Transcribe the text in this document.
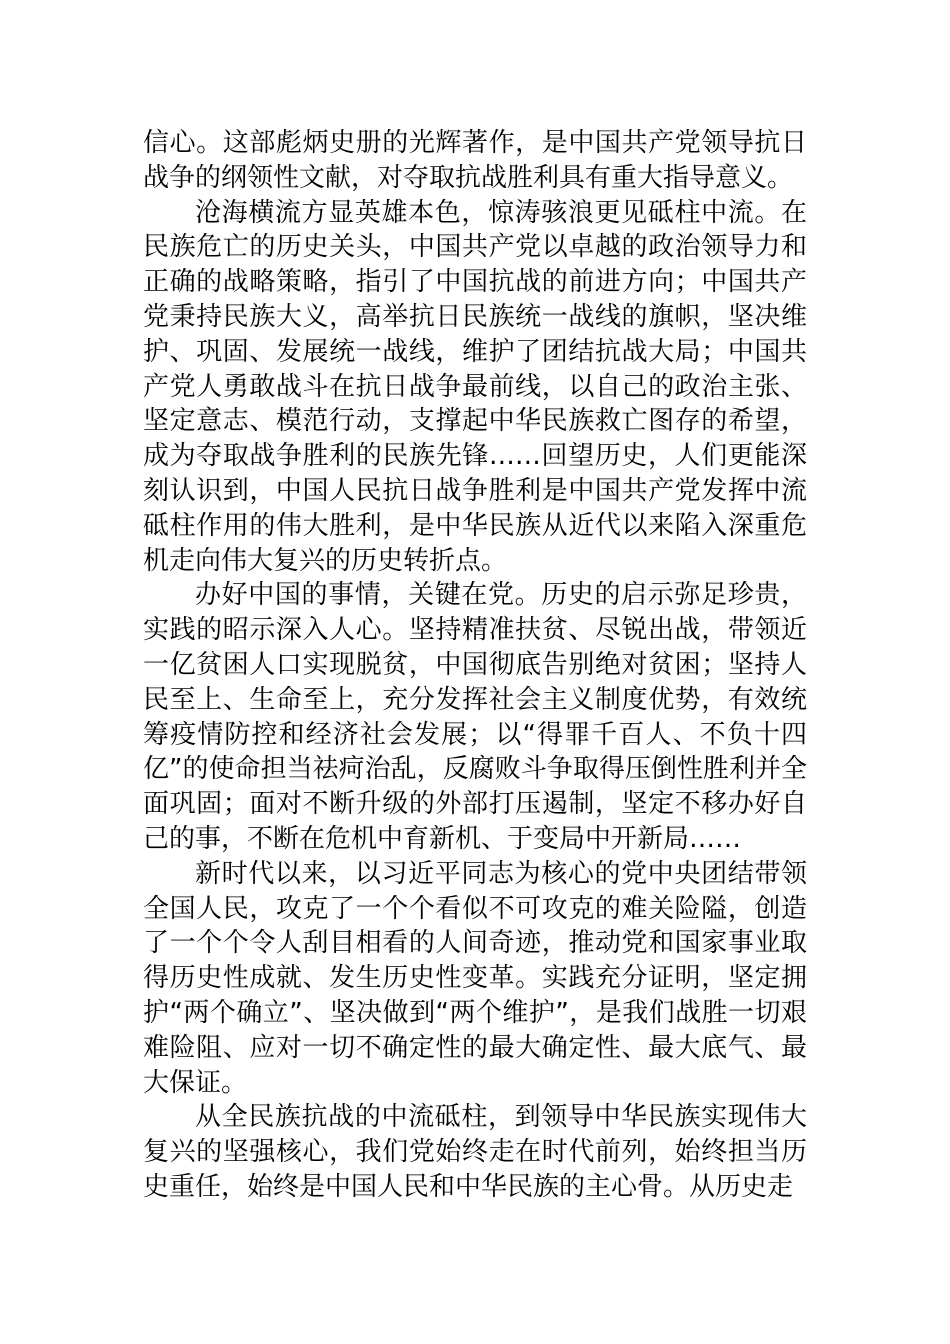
信心。这部彪炳史册的光辉著作，是中国共产党领导抗日战争的纲领性文献，对夺取抗战胜利具有重大指导意义。

沧海横流方显英雄本色，惊涛骇浪更见砥柱中流。在民族危亡的历史关头，中国共产党以卓越的政治领导力和正确的战略策略，指引了中国抗战的前进方向；中国共产党秉持民族大义，高举抗日民族统一战线的旗帜，坚决维护、巩固、发展统一战线，维护了团结抗战大局；中国共产党人勇敢战斗在抗日战争最前线，以自己的政治主张、坚定意志、模范行动，支撑起中华民族救亡图存的希望，成为夺取战争胜利的民族先锋……回望历史，人们更能深刻认识到，中国人民抗日战争胜利是中国共产党发挥中流砥柱作用的伟大胜利，是中华民族从近代以来陷入深重危机走向伟大复兴的历史转折点。

办好中国的事情，关键在党。历史的启示弥足珍贵，实践的昭示深入人心。坚持精准扶贫、尽锐出战，带领近一亿贫困人口实现脱贫，中国彻底告别绝对贫困；坚持人民至上、生命至上，充分发挥社会主义制度优势，有效统筹疫情防控和经济社会发展；以“得罪千百人、不负十四亿”的使命担当祛疴治乱，反腐败斗争取得压倒性胜利并全面巩固；面对不断升级的外部打压遏制，坚定不移办好自己的事，不断在危机中育新机、于变局中开新局……

新时代以来，以习近平同志为核心的党中央团结带领全国人民，攻克了一个个看似不可攻克的难关险隘，创造了一个个令人刮目相看的人间奇迹，推动党和国家事业取得历史性成就、发生历史性变革。实践充分证明，坚定拥护“两个确立”、坚决做到“两个维护”，是我们战胜一切艰难险阻、应对一切不确定性的最大确定性、最大底气、最大保证。

从全民族抗战的中流砥柱，到领导中华民族实现伟大复兴的坚强核心，我们党始终走在时代前列，始终担当历史重任，始终是中国人民和中华民族的主心骨。从历史走
